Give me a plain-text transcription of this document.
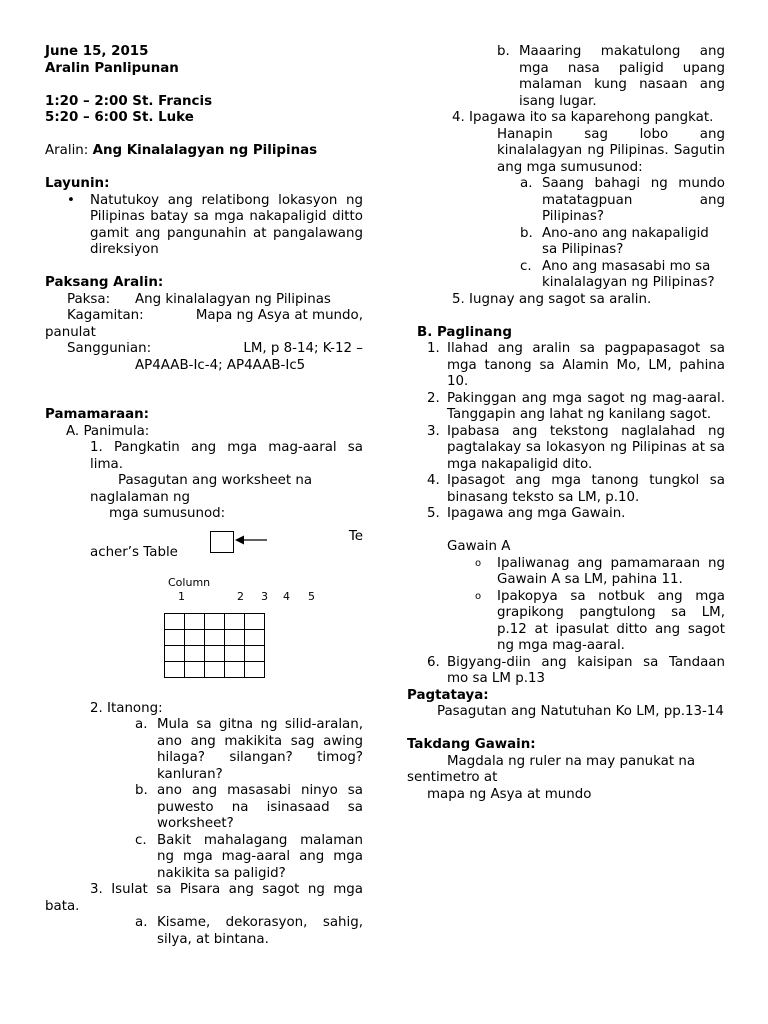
June 15, 2015

Aralin Panlipunan

1:20 – 2:00 St. Francis

5:20 – 6:00 St. Luke

Aralin: Ang Kinalalagyan ng Pilipinas

Layunin:

• Natutukoy ang relatibong lokasyon ng Pilipinas batay sa mga nakapaligid ditto gamit ang pangunahin at pangalawang direksiyon

Paksang Aralin:

Paksa: Ang kinalalagyan ng Pilipinas

Kagamitan:	Mapa ng Asya at mundo,

panulat

Sanggunian:	LM, p 8-14; K-12 –

AP4AAB-Ic-4; AP4AAB-Ic5

Pamamaraan:

A. Panimula:

1. Pangkatin ang mga mag-aaral sa lima.

Pasagutan ang worksheet na

naglalaman ng

mga sumusunod:

Te
acher’s Table
Column
1	2 3 4 5

2. Itanong:

a. Mula sa gitna ng silid-aralan, ano ang makikita sag awing hilaga? silangan? timog? kanluran?
b. ano ang masasabi ninyo sa puwesto na isinasaad sa worksheet?
c. Bakit mahalagang malaman ng mga mag-aaral ang mga nakikita sa paligid?

3. Isulat sa Pisara ang sagot ng mga bata.

a. Kisame, dekorasyon, sahig, silya, at bintana.
b. Maaaring makatulong ang mga nasa paligid upang malaman kung nasaan ang isang lugar.

4. Ipagawa ito sa kaparehong pangkat.

Hanapin sag lobo ang kinalalagyan ng Pilipinas. Sagutin ang mga sumusunod:

a. Saang bahagi ng mundo matatagpuan ang Pilipinas?
b. Ano-ano ang nakapaligid sa Pilipinas?
c. Ano ang masasabi mo sa kinalalagyan ng Pilipinas?

5. Iugnay ang sagot sa aralin.

B. Paglinang

1. Ilahad ang aralin sa pagpapasagot sa mga tanong sa Alamin Mo, LM, pahina 10.
2. Pakinggan ang mga sagot ng mag-aaral. Tanggapin ang lahat ng kanilang sagot.
3. Ipabasa ang tekstong naglalahad ng pagtalakay sa lokasyon ng Pilipinas at sa mga nakapaligid dito.
4. Ipasagot ang mga tanong tungkol sa binasang teksto sa LM, p.10.
5. Ipagawa ang mga Gawain.

Gawain A

o Ipaliwanag ang pamamaraan ng Gawain A sa LM, pahina 11.
o Ipakopya sa notbuk ang mga grapikong pangtulong sa LM, p.12 at ipasulat ditto ang sagot ng mga mag-aaral.
6. Bigyang-diin ang kaisipan sa Tandaan mo sa LM p.13

Pagtataya:

Pasagutan ang Natutuhan Ko LM, pp.13-14

Takdang Gawain:

Magdala ng ruler na may panukat na sentimetro at

mapa ng Asya at mundo
